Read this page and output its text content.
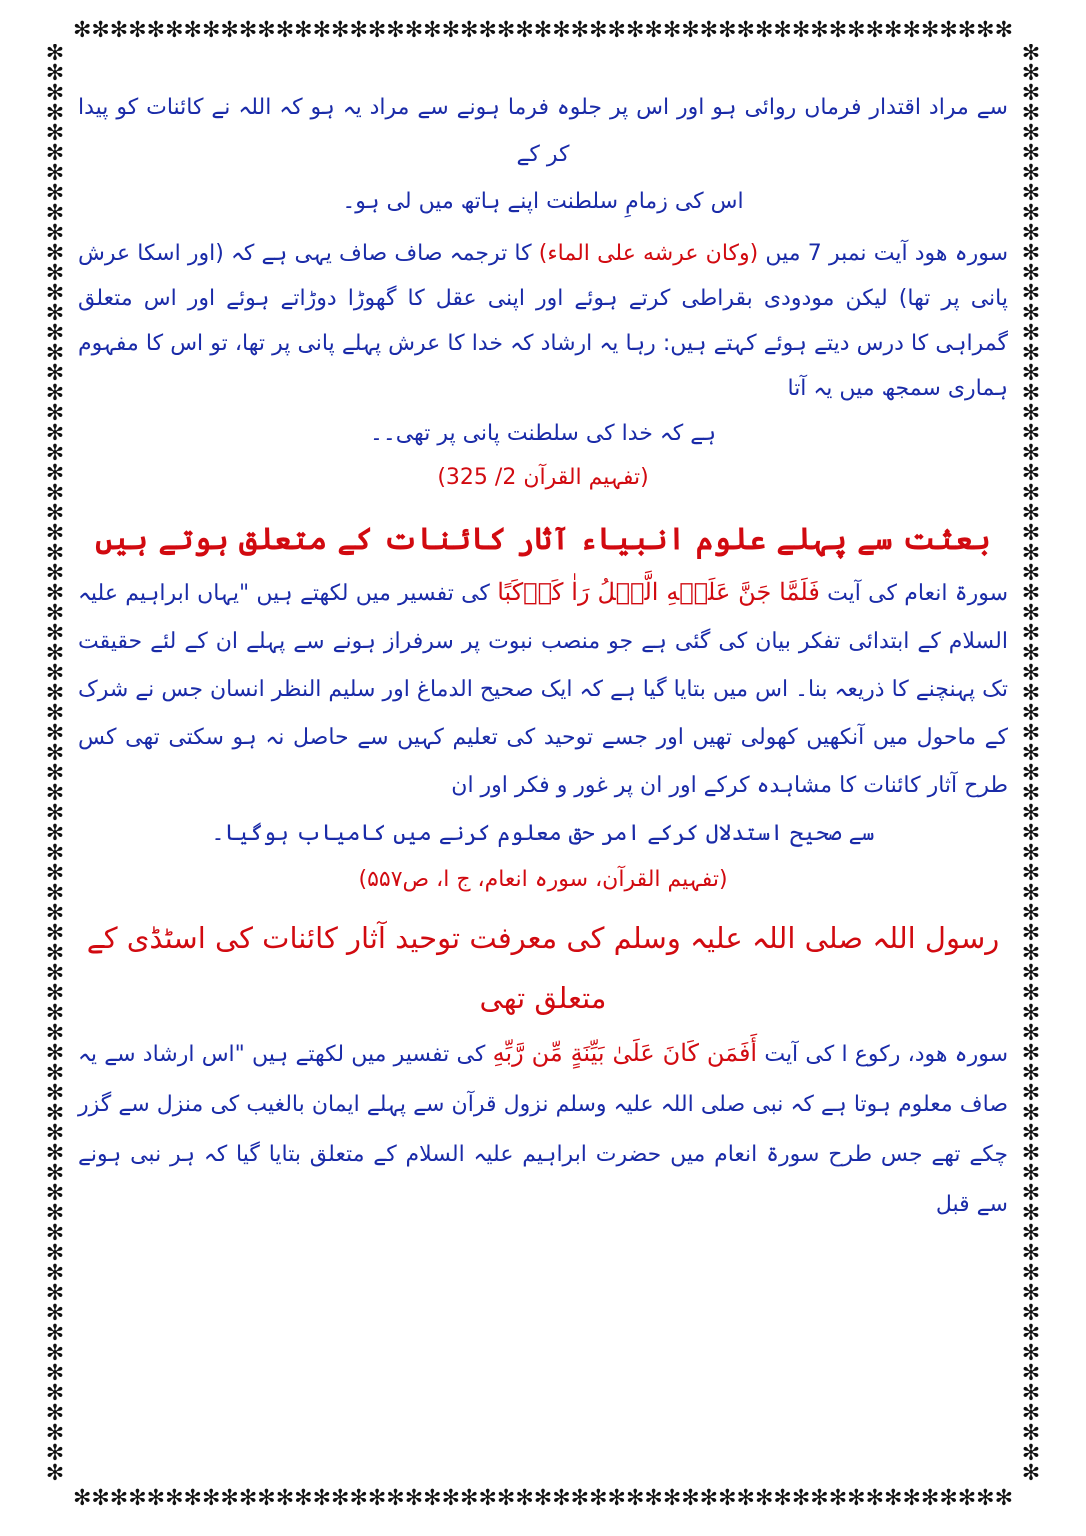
✻✻✻✻✻✻✻✻✻✻✻✻✻✻✻✻✻✻✻✻✻✻✻✻✻✻✻✻✻✻✻✻✻✻✻✻✻✻✻✻✻✻✻✻✻✻✻✻✻✻✻
✻✻✻✻✻✻✻✻✻✻✻✻✻✻✻✻✻✻✻✻✻✻✻✻✻✻✻✻✻✻✻✻✻✻✻✻✻✻✻✻✻✻✻✻✻✻✻✻✻✻✻
✻✻✻✻✻✻✻✻✻✻✻✻✻✻✻✻✻✻✻✻✻✻✻✻✻✻✻✻✻✻✻✻✻✻✻✻✻✻✻✻✻✻✻✻✻✻✻✻✻✻✻✻✻✻✻✻✻✻✻✻✻✻✻✻✻✻✻✻✻✻✻✻
✻✻✻✻✻✻✻✻✻✻✻✻✻✻✻✻✻✻✻✻✻✻✻✻✻✻✻✻✻✻✻✻✻✻✻✻✻✻✻✻✻✻✻✻✻✻✻✻✻✻✻✻✻✻✻✻✻✻✻✻✻✻✻✻✻✻✻✻✻✻✻✻

سے مراد اقتدار فرماں روائی ہو اور اس پر جلوہ فرما ہونے سے مراد یہ ہو کہ اللہ نے کائنات کو پیدا کر کے
اس کی زمامِ سلطنت اپنے ہاتھ میں لی ہو۔

سورہ ھود آیت نمبر 7 میں (وکان عرشه علی الماء) کا ترجمہ صاف صاف یہی ہے کہ (اور اسکا عرش پانی پر تھا) لیکن مودودی بقراطی کرتے ہوئے اور اپنی عقل کا گھوڑا دوڑاتے ہوئے اور اس متعلق گمراہی کا درس دیتے ہوئے کہتے ہیں: رہا یہ ارشاد کہ خدا کا عرش پہلے پانی پر تھا، تو اس کا مفہوم ہماری سمجھ میں یہ آتا
ہے کہ خدا کی سلطنت پانی پر تھی۔۔

(تفہیم القرآن 2/ 325)
بعثت سے پہلے علوم انبیاء آثار کائنات کے متعلق ہوتے ہیں

سورۃ انعام کی آیت فَلَمَّا جَنَّ عَلَيۡهِ الَّيۡلُ رَاٰ كَوۡكَبًا کی تفسیر میں لکھتے ہیں "یہاں ابراہیم علیہ السلام کے ابتدائی تفکر بیان کی گئی ہے جو منصب نبوت پر سرفراز ہونے سے پہلے ان کے لئے حقیقت تک پہنچنے کا ذریعہ بنا۔ اس میں بتایا گیا ہے کہ ایک صحیح الدماغ اور سلیم النظر انسان جس نے شرک کے ماحول میں آنکھیں کھولی تھیں اور جسے توحید کی تعلیم کہیں سے حاصل نہ ہو سکتی تھی کس طرح آثار کائنات کا مشاہدہ کرکے اور ان پر غور و فکر اور ان
سے صحیح استدلال کرکے امر حق معلوم کرنے میں کامیاب ہوگیا۔

(تفہیم القرآن، سورہ انعام، ج ا، ص۵۵۷)
رسول اللہ صلی اللہ علیہ وسلم کی معرفت توحید آثار کائنات کی اسٹڈی کے متعلق تھی

سورہ ھود، رکوع ا کی آیت أَفَمَن كَانَ عَلَىٰ بَيِّنَةٍ مِّن رَّبِّهِ کی تفسیر میں لکھتے ہیں "اس ارشاد سے یہ صاف معلوم ہوتا ہے کہ نبی صلی اللہ علیہ وسلم نزول قرآن سے پہلے ایمان بالغیب کی منزل سے گزر چکے تھے جس طرح سورۃ انعام میں حضرت ابراہیم علیہ السلام کے متعلق بتایا گیا کہ ہر نبی ہونے سے قبل
